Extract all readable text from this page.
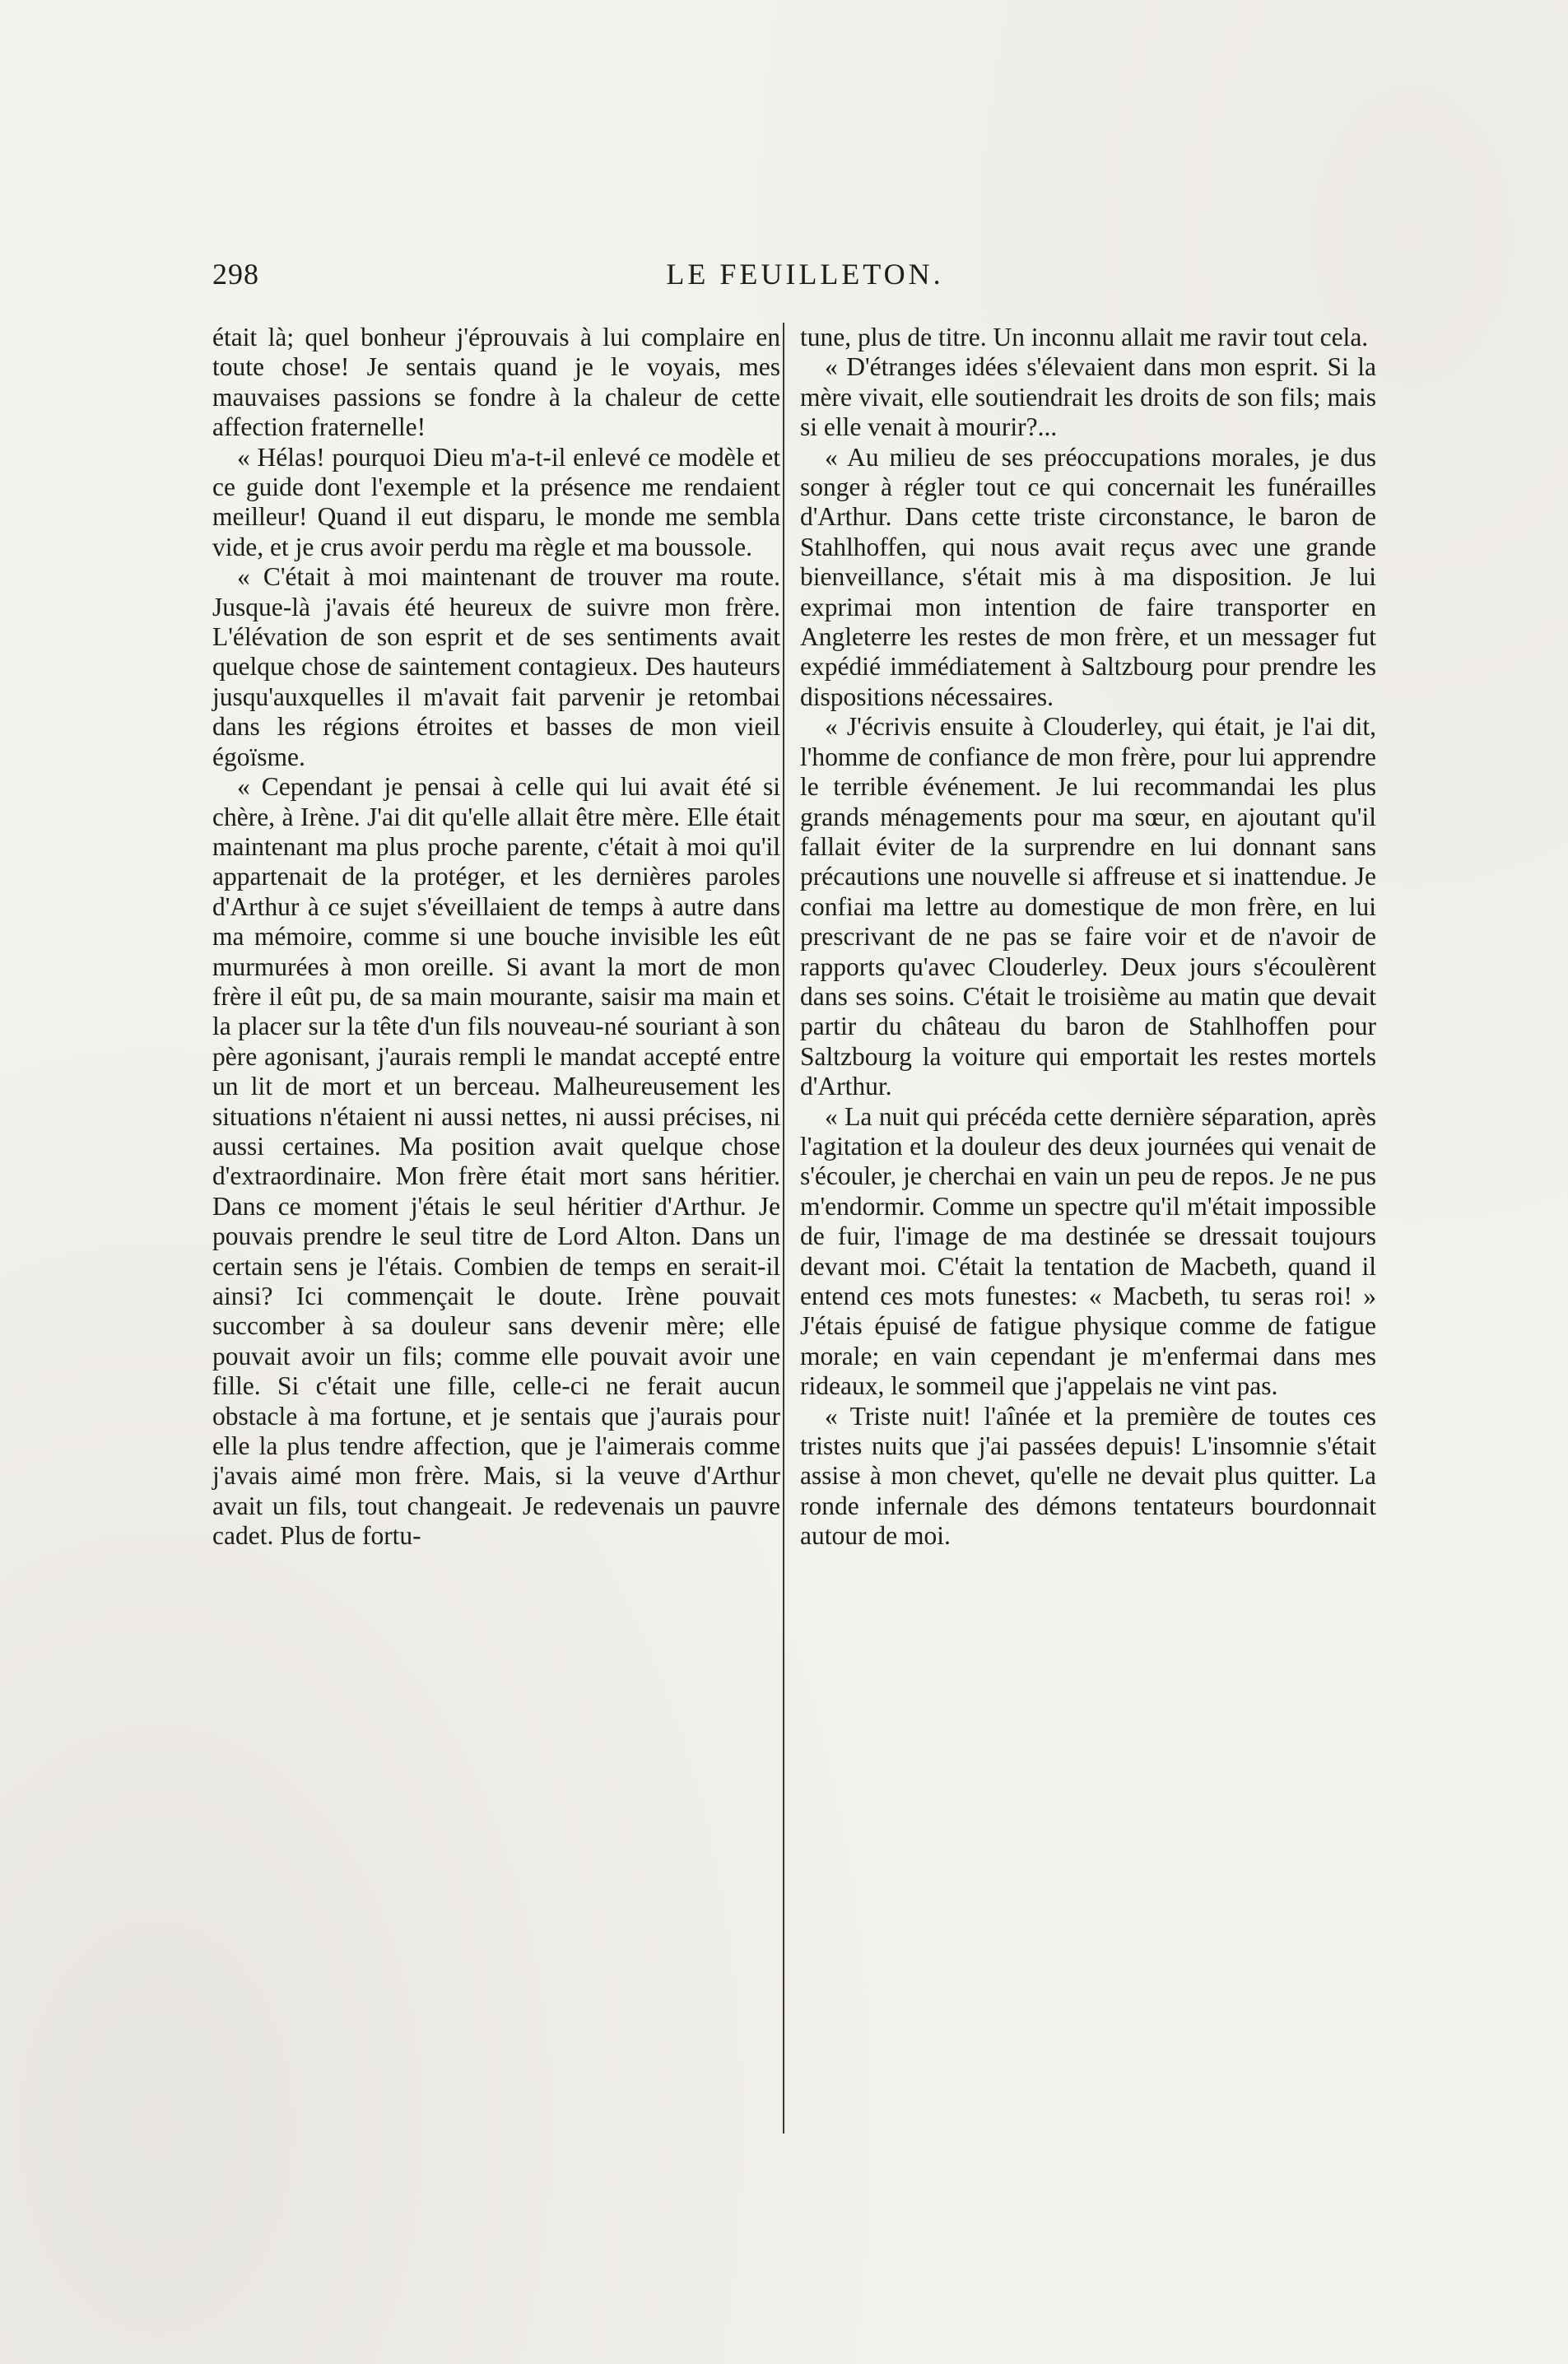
298	LE FEUILLETON.

était là; quel bonheur j'éprouvais à lui complaire en toute chose! Je sentais quand je le voyais, mes mauvaises passions se fondre à la chaleur de cette affection fraternelle!

« Hélas! pourquoi Dieu m'a-t-il enlevé ce modèle et ce guide dont l'exemple et la présence me rendaient meilleur! Quand il eut disparu, le monde me sembla vide, et je crus avoir perdu ma règle et ma boussole.

« C'était à moi maintenant de trouver ma route. Jusque-là j'avais été heureux de suivre mon frère. L'élévation de son esprit et de ses sentiments avait quelque chose de saintement contagieux. Des hauteurs jusqu'auxquelles il m'avait fait parvenir je retombai dans les régions étroites et basses de mon vieil égoïsme.

« Cependant je pensai à celle qui lui avait été si chère, à Irène. J'ai dit qu'elle allait être mère. Elle était maintenant ma plus proche parente, c'était à moi qu'il appartenait de la protéger, et les dernières paroles d'Arthur à ce sujet s'éveillaient de temps à autre dans ma mémoire, comme si une bouche invisible les eût murmurées à mon oreille. Si avant la mort de mon frère il eût pu, de sa main mourante, saisir ma main et la placer sur la tête d'un fils nouveau-né souriant à son père agonisant, j'aurais rempli le mandat accepté entre un lit de mort et un berceau. Malheureusement les situations n'étaient ni aussi nettes, ni aussi précises, ni aussi certaines. Ma position avait quelque chose d'extraordinaire. Mon frère était mort sans héritier. Dans ce moment j'étais le seul héritier d'Arthur. Je pouvais prendre le seul titre de Lord Alton. Dans un certain sens je l'étais. Combien de temps en serait-il ainsi? Ici commençait le doute. Irène pouvait succomber à sa douleur sans devenir mère; elle pouvait avoir un fils; comme elle pouvait avoir une fille. Si c'était une fille, celle-ci ne ferait aucun obstacle à ma fortune, et je sentais que j'aurais pour elle la plus tendre affection, que je l'aimerais comme j'avais aimé mon frère. Mais, si la veuve d'Arthur avait un fils, tout changeait. Je redevenais un pauvre cadet. Plus de fortu-

tune, plus de titre. Un inconnu allait me ravir tout cela.

« D'étranges idées s'élevaient dans mon esprit. Si la mère vivait, elle soutiendrait les droits de son fils; mais si elle venait à mourir?...

« Au milieu de ses préoccupations morales, je dus songer à régler tout ce qui concernait les funérailles d'Arthur. Dans cette triste circonstance, le baron de Stahlhoffen, qui nous avait reçus avec une grande bienveillance, s'était mis à ma disposition. Je lui exprimai mon intention de faire transporter en Angleterre les restes de mon frère, et un messager fut expédié immédiatement à Saltzbourg pour prendre les dispositions nécessaires.

« J'écrivis ensuite à Clouderley, qui était, je l'ai dit, l'homme de confiance de mon frère, pour lui apprendre le terrible événement. Je lui recommandai les plus grands ménagements pour ma sœur, en ajoutant qu'il fallait éviter de la surprendre en lui donnant sans précautions une nouvelle si affreuse et si inattendue. Je confiai ma lettre au domestique de mon frère, en lui prescrivant de ne pas se faire voir et de n'avoir de rapports qu'avec Clouderley. Deux jours s'écoulèrent dans ses soins. C'était le troisième au matin que devait partir du château du baron de Stahlhoffen pour Saltzbourg la voiture qui emportait les restes mortels d'Arthur.

« La nuit qui précéda cette dernière séparation, après l'agitation et la douleur des deux journées qui venait de s'écouler, je cherchai en vain un peu de repos. Je ne pus m'endormir. Comme un spectre qu'il m'était impossible de fuir, l'image de ma destinée se dressait toujours devant moi. C'était la tentation de Macbeth, quand il entend ces mots funestes: « Macbeth, tu seras roi! » J'étais épuisé de fatigue physique comme de fatigue morale; en vain cependant je m'enfermai dans mes rideaux, le sommeil que j'appelais ne vint pas.

« Triste nuit! l'aînée et la première de toutes ces tristes nuits que j'ai passées depuis! L'insomnie s'était assise à mon chevet, qu'elle ne devait plus quitter. La ronde infernale des démons tentateurs bourdonnait autour de moi.
